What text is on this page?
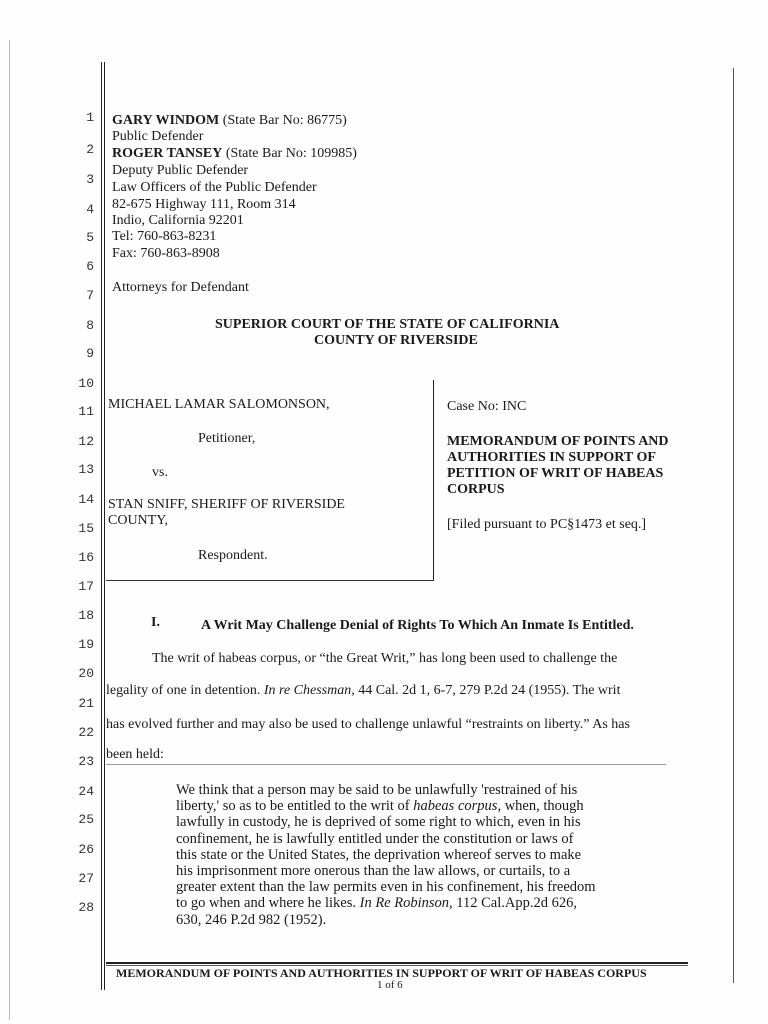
1
2
3
4
5
6
7
8
9
10
11
12
13
14
15
16
17
18
19
20
21
22
23
24
25
26
27
28
GARY WINDOM (State Bar No: 86775)
Public Defender
ROGER TANSEY (State Bar No: 109985)
Deputy Public Defender
Law Officers of the Public Defender
82-675 Highway 111, Room 314
Indio, California 92201
Tel: 760-863-8231
Fax: 760-863-8908
Attorneys for Defendant
SUPERIOR COURT OF THE STATE OF CALIFORNIA
COUNTY OF RIVERSIDE
MICHAEL LAMAR SALOMONSON,
Petitioner,
vs.
STAN SNIFF, SHERIFF OF RIVERSIDE
COUNTY,
Respondent.
Case No: INC
MEMORANDUM OF POINTS AND
AUTHORITIES IN SUPPORT OF
PETITION OF WRIT OF HABEAS
CORPUS
[Filed pursuant to PC§1473 et seq.]
I.	A Writ May Challenge Denial of Rights To Which An Inmate Is Entitled.
The writ of habeas corpus, or “the Great Writ,” has long been used to challenge the
legality of one in detention. In re Chessman, 44 Cal. 2d 1, 6-7, 279 P.2d 24 (1955). The writ
has evolved further and may also be used to challenge unlawful “restraints on liberty.” As has
been held:
We think that a person may be said to be unlawfully 'restrained of his
liberty,' so as to be entitled to the writ of habeas corpus, when, though
lawfully in custody, he is deprived of some right to which, even in his
confinement, he is lawfully entitled under the constitution or laws of
this state or the United States, the deprivation whereof serves to make
his imprisonment more onerous than the law allows, or curtails, to a
greater extent than the law permits even in his confinement, his freedom
to go when and where he likes. In Re Robinson, 112 Cal.App.2d 626,
630, 246 P.2d 982 (1952).
MEMORANDUM OF POINTS AND AUTHORITIES IN SUPPORT OF WRIT OF HABEAS CORPUS
1 of 6
